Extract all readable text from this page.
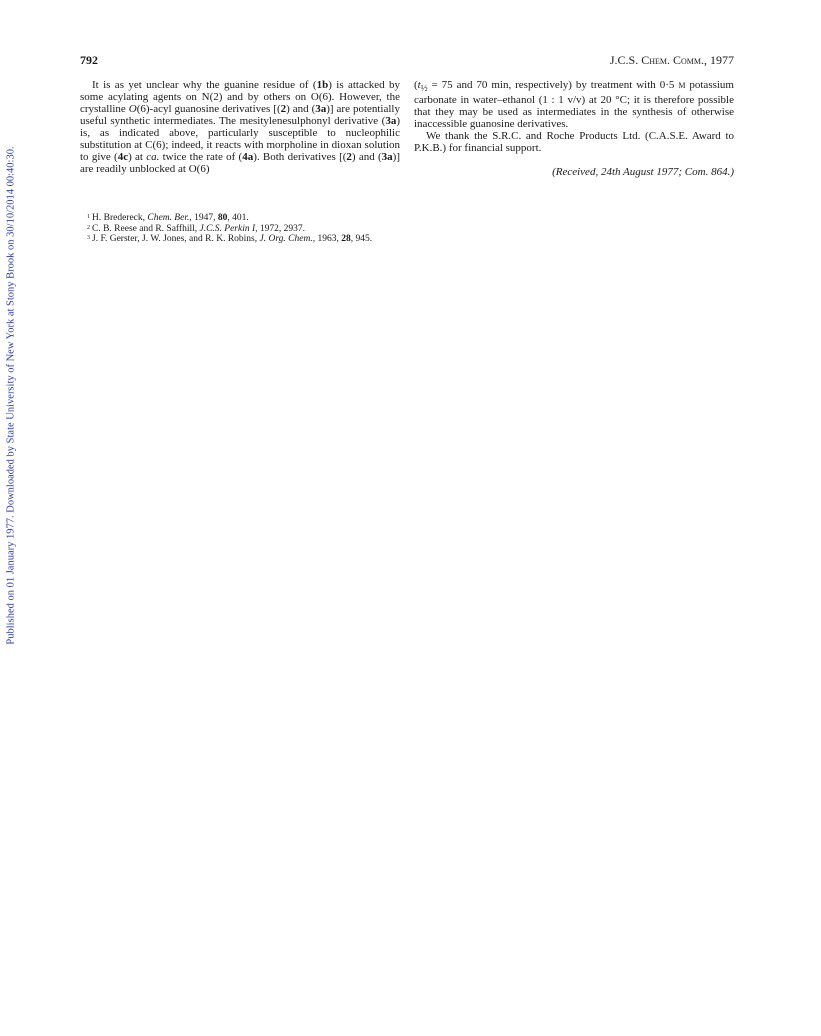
Published on 01 January 1977. Downloaded by State University of New York at Stony Brook on 30/10/2014 00:40:30.
792	J.C.S. Chem. Comm., 1977

It is as yet unclear why the guanine residue of (1b) is attacked by some acylating agents on N(2) and by others on O(6). However, the crystalline O(6)-acyl guanosine derivatives [(2) and (3a)] are potentially useful synthetic intermediates. The mesitylenesulphonyl derivative (3a) is, as indicated above, particularly susceptible to nucleophilic substitution at C(6); indeed, it reacts with morpholine in dioxan solution to give (4c) at ca. twice the rate of (4a). Both derivatives [(2) and (3a)] are readily unblocked at O(6)

($t_{\frac{1}{2}} = 75$ and 70 min, respectively) by treatment with 0·5 m potassium carbonate in water–ethanol (1 : 1 v/v) at 20 °C; it is therefore possible that they may be used as intermediates in the synthesis of otherwise inaccessible guanosine derivatives.

We thank the S.R.C. and Roche Products Ltd. (C.A.S.E. Award to P.K.B.) for financial support.

(Received, 24th August 1977; Com. 864.)

1 H. Bredereck, Chem. Ber., 1947, 80, 401.

2 C. B. Reese and R. Saffhill, J.C.S. Perkin I, 1972, 2937.

3 J. F. Gerster, J. W. Jones, and R. K. Robins, J. Org. Chem., 1963, 28, 945.
